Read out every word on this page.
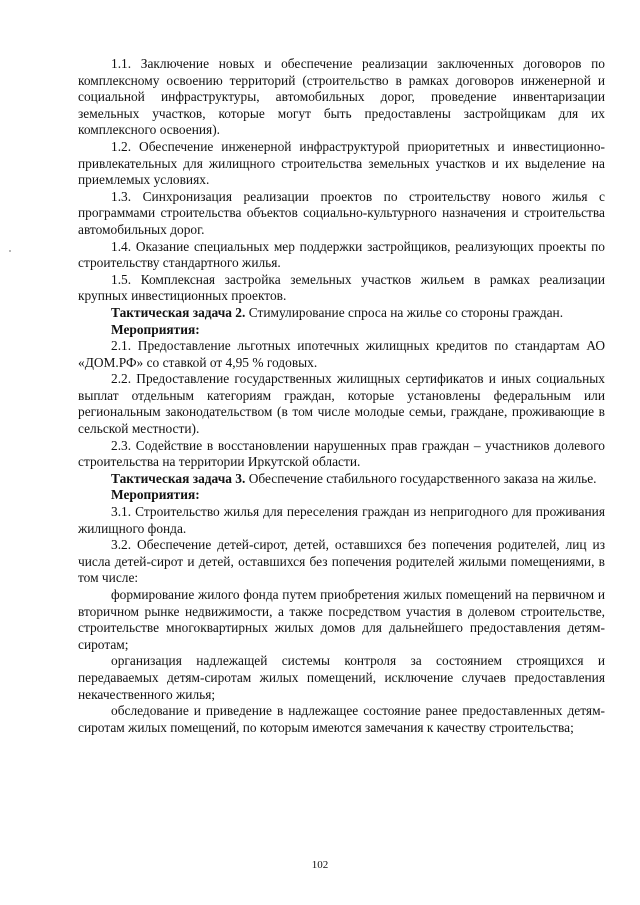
1.1. Заключение новых и обеспечение реализации заключенных договоров по комплексному освоению территорий (строительство в рамках договоров инженерной и социальной инфраструктуры, автомобильных дорог, проведение инвентаризации земельных участков, которые могут быть предоставлены застройщикам для их комплексного освоения).

1.2. Обеспечение инженерной инфраструктурой приоритетных и инвестиционно-привлекательных для жилищного строительства земельных участков и их выделение на приемлемых условиях.

1.3. Синхронизация реализации проектов по строительству нового жилья с программами строительства объектов социально-культурного назначения и строительства автомобильных дорог.

1.4. Оказание специальных мер поддержки застройщиков, реализующих проекты по строительству стандартного жилья.

1.5. Комплексная застройка земельных участков жильем в рамках реализации крупных инвестиционных проектов.

Тактическая задача 2. Стимулирование спроса на жилье со стороны граждан.

Мероприятия:

2.1. Предоставление льготных ипотечных жилищных кредитов по стандартам АО «ДОМ.РФ» со ставкой от 4,95 % годовых.

2.2. Предоставление государственных жилищных сертификатов и иных социальных выплат отдельным категориям граждан, которые установлены федеральным или региональным законодательством (в том числе молодые семьи, граждане, проживающие в сельской местности).

2.3. Содействие в восстановлении нарушенных прав граждан – участников долевого строительства на территории Иркутской области.

Тактическая задача 3. Обеспечение стабильного государственного заказа на жилье.

Мероприятия:

3.1. Строительство жилья для переселения граждан из непригодного для проживания жилищного фонда.

3.2. Обеспечение детей-сирот, детей, оставшихся без попечения родителей, лиц из числа детей-сирот и детей, оставшихся без попечения родителей жилыми помещениями, в том числе:

формирование жилого фонда путем приобретения жилых помещений на первичном и вторичном рынке недвижимости, а также посредством участия в долевом строительстве, строительстве многоквартирных жилых домов для дальнейшего предоставления детям-сиротам;

организация надлежащей системы контроля за состоянием строящихся и передаваемых детям-сиротам жилых помещений, исключение случаев предоставления некачественного жилья;

обследование и приведение в надлежащее состояние ранее предоставленных детям-сиротам жилых помещений, по которым имеются замечания к качеству строительства;

102
